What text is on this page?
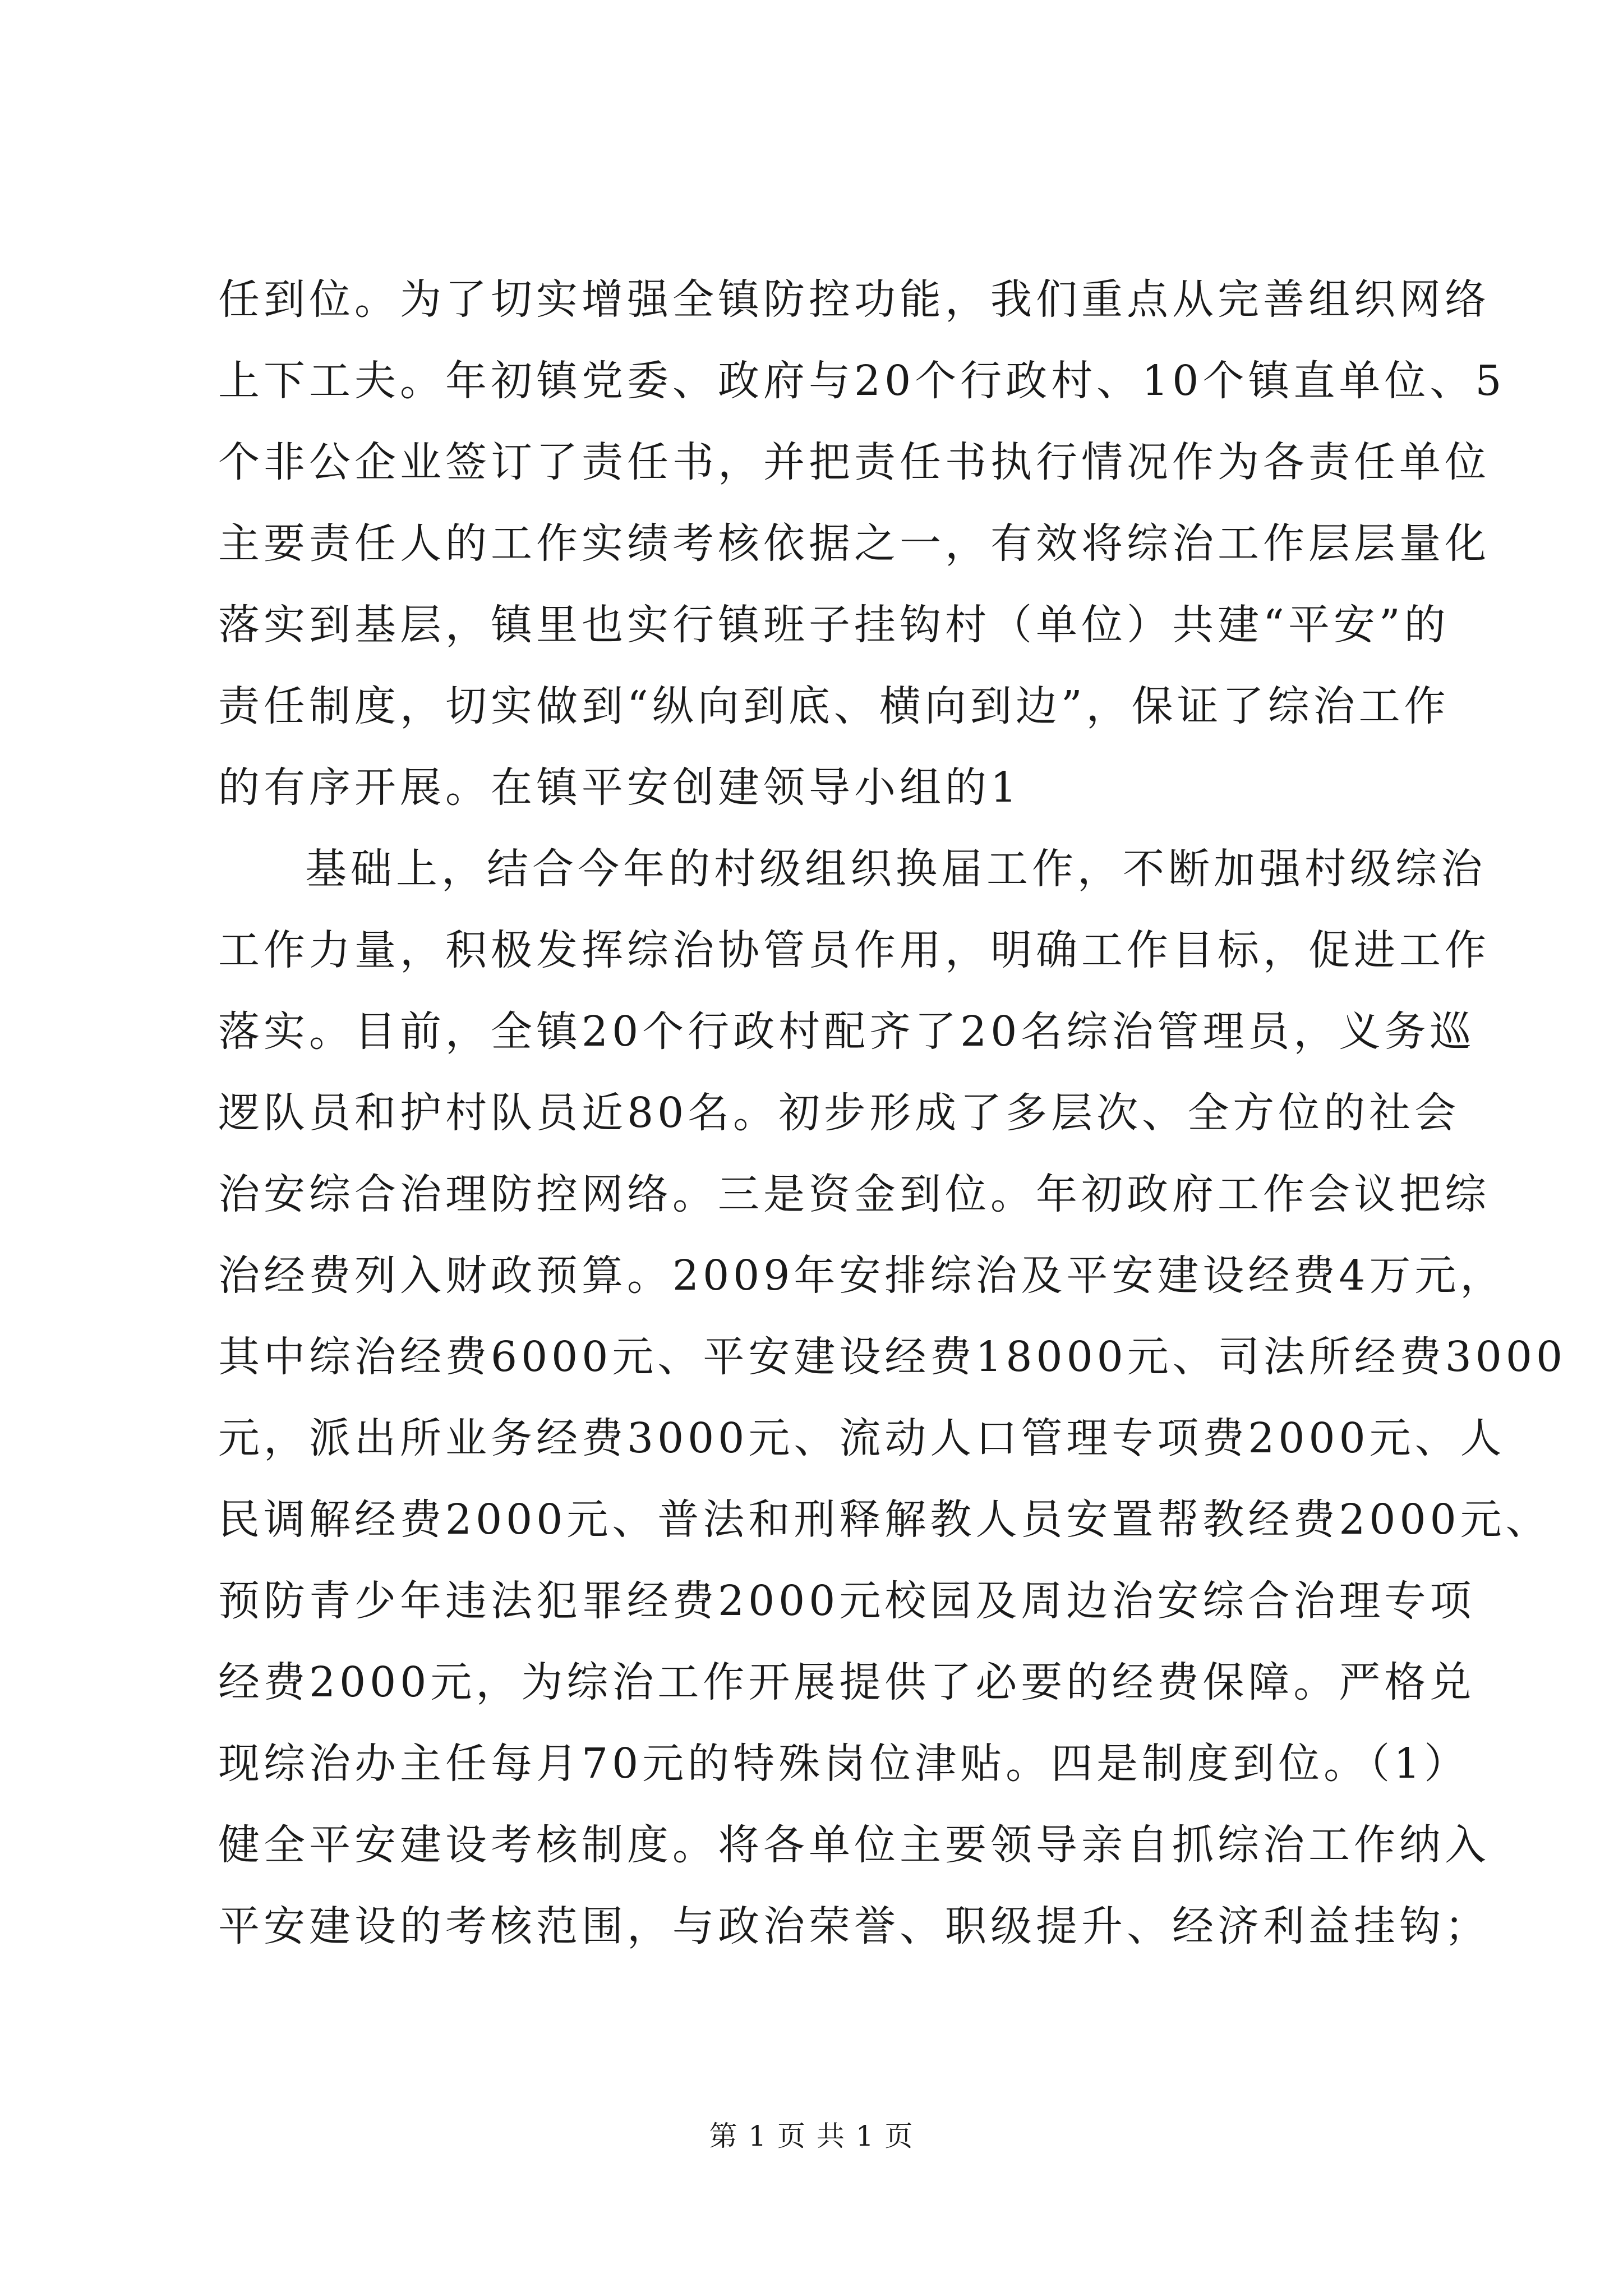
任到位。为了切实增强全镇防控功能，我们重点从完善组织网络
上下工夫。年初镇党委、政府与20个行政村、10个镇直单位、5
个非公企业签订了责任书，并把责任书执行情况作为各责任单位
主要责任人的工作实绩考核依据之一，有效将综治工作层层量化
落实到基层，镇里也实行镇班子挂钩村（单位）共建“平安”的
责任制度，切实做到“纵向到底、横向到边”，保证了综治工作
的有序开展。在镇平安创建领导小组的1
基础上，结合今年的村级组织换届工作，不断加强村级综治
工作力量，积极发挥综治协管员作用，明确工作目标，促进工作
落实。目前，全镇20个行政村配齐了20名综治管理员，义务巡
逻队员和护村队员近80名。初步形成了多层次、全方位的社会
治安综合治理防控网络。三是资金到位。年初政府工作会议把综
治经费列入财政预算。2009年安排综治及平安建设经费4万元，
其中综治经费6000元、平安建设经费18000元、司法所经费3000
元，派出所业务经费3000元、流动人口管理专项费2000元、人
民调解经费2000元、普法和刑释解教人员安置帮教经费2000元、
预防青少年违法犯罪经费2000元校园及周边治安综合治理专项
经费2000元，为综治工作开展提供了必要的经费保障。严格兑
现综治办主任每月70元的特殊岗位津贴。四是制度到位。（1）
健全平安建设考核制度。将各单位主要领导亲自抓综治工作纳入
平安建设的考核范围，与政治荣誉、职级提升、经济利益挂钩；
第 1 页 共 1 页
